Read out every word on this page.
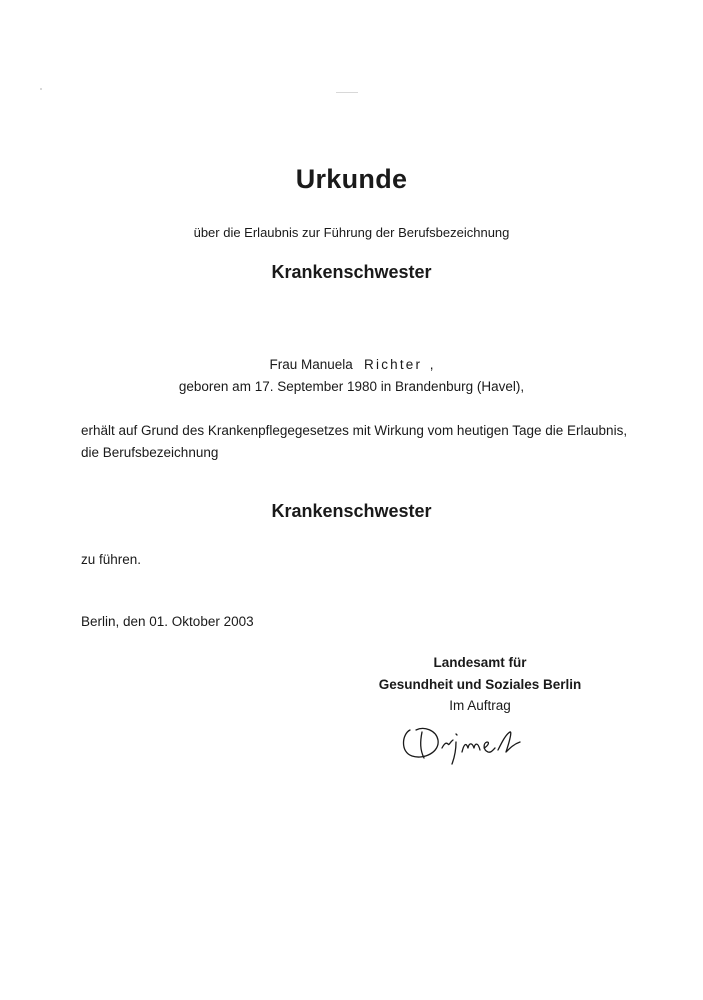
Urkunde
über die Erlaubnis zur Führung der Berufsbezeichnung
Krankenschwester
Frau Manuela Richter ,
geboren am 17. September 1980 in Brandenburg (Havel),
erhält auf Grund des Krankenpflegegesetzes mit Wirkung vom heutigen Tage die Erlaubnis,
die Berufsbezeichnung
Krankenschwester
zu führen.
Berlin, den 01. Oktober 2003
Landesamt für
Gesundheit und Soziales Berlin
Im Auftrag
